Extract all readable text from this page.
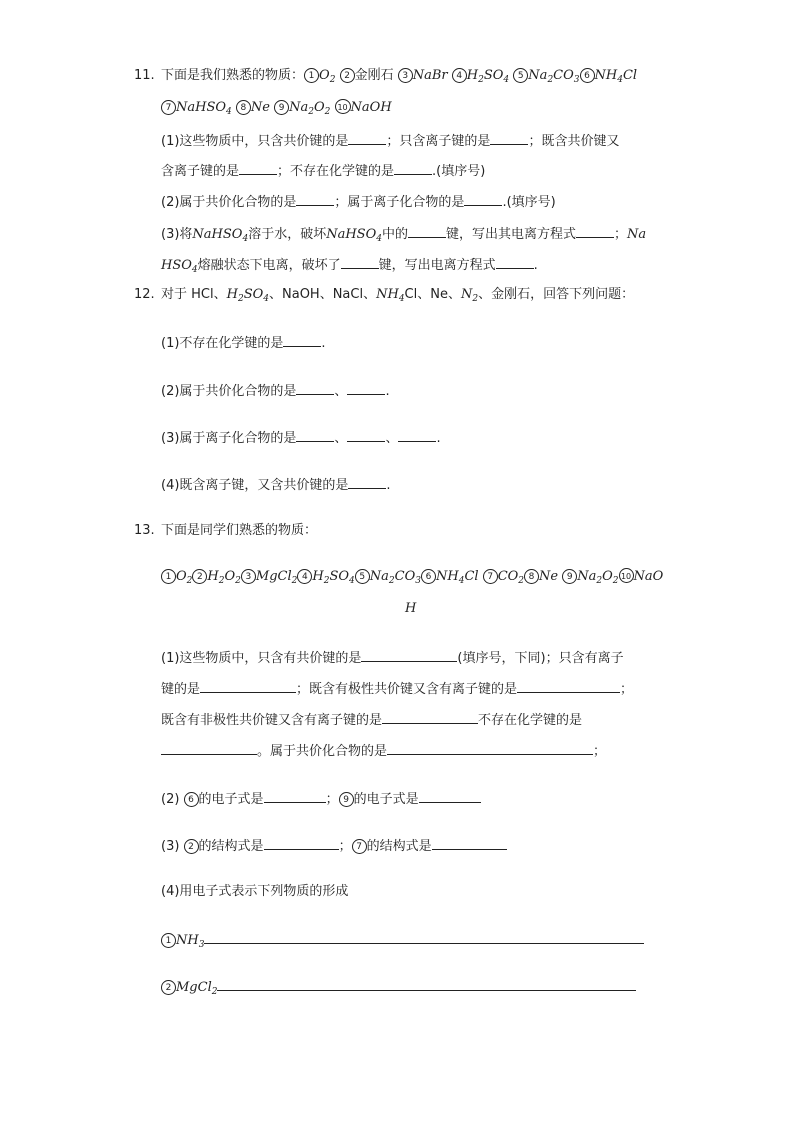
11. 下面是我们熟悉的物质： 1 $O_2$ 2 金刚石 3 NaBr 4 $H_2SO_4$ 5 $Na_2CO_3$ 6 $NH_4Cl$
7 NaHSO$_4$ 8 Ne 9 $Na_2O_2$ 10 NaOH
(1)这些物质中，只含共价键的是	；只含离子键的是	；既含共价键又
含离子键的是	；不存在化学键的是	.(填序号)
(2)属于共价化合物的是	；属于离子化合物的是	.(填序号)
(3)将NaHSO$_4$溶于水，破坏NaHSO$_4$中的	键，写出其电离方程式	；Na
$HSO_4$熔融状态下电离，破坏了	键，写出电离方程式	.
12. 对于 HCl、$H_2SO_4$、NaOH、NaCl、$NH_4Cl$、Ne、$N_2$、金刚石，回答下列问题：
(1)不存在化学键的是	.
(2)属于共价化合物的是	、	.
(3)属于离子化合物的是	、	、	.
(4)既含离子键，又含共价键的是	.
13. 下面是同学们熟悉的物质：
1 $O_2$ 2 $H_2O_2$ 3 MgCl$_2$ 4 $H_2SO_4$ 5 $Na_2CO_3$ 6 $NH_4Cl$ 7 $CO_2$ 8 Ne 9 $Na_2O_2$ 10 NaO
H
(1)这些物质中，只含有共价键的是	(填序号，下同)；只含有离子
键的是	；既含有极性共价键又含有离子键的是	；
既含有非极性共价键又含有离子键的是	不存在化学键的是
。属于共价化合物的是	；
(2) 6 的电子式是	； 9 的电子式是
(3) 2 的结构式是	； 7 的结构式是
(4)用电子式表示下列物质的形成
1 $NH_3$
2 MgCl$_2$
